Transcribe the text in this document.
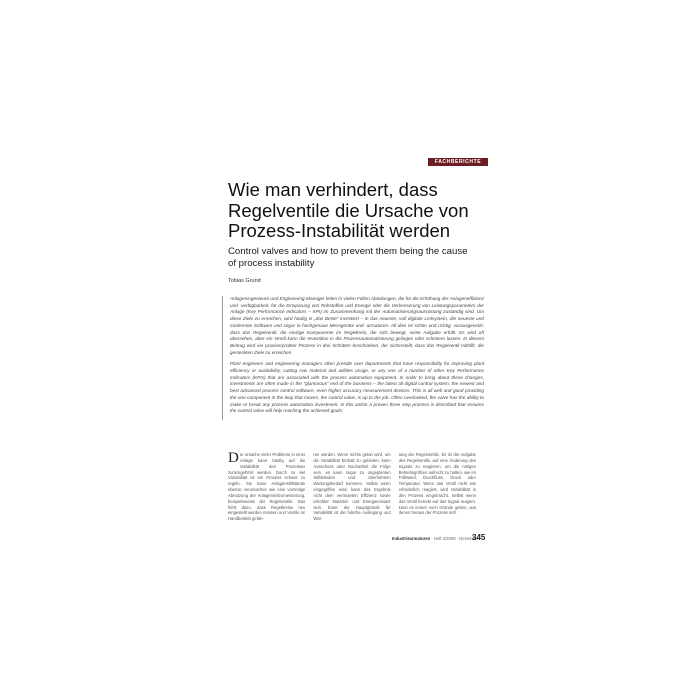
FACHBERICHTE
Wie man verhindert, dass
Regelventile die Ursache von
Prozess-Instabilität werden
Control valves and how to prevent them being the cause
of process instability
Tobias Grund

Anlageningenieure und Engineering-Manager leiten in vielen Fällen Abteilungen, die für die Erhöhung der Anlageneffizienz und -verfügbarkeit, für die Einsparung von Rohstoffen und Energie oder die Verbesserung von Leistungsparametern der Anlage (Key Performance Indicators – KPI) im Zusammenhang mit der Automatisierungsausrüstung zuständig sind. Um diese Ziele zu erreichen, wird häufig in „das Beste“ investiert – in das neueste, voll digitale Leitsystem, die neueste und modernste Software und sogar in hochgenaue Messgeräte und -armaturen. All dies ist schön und richtig, vorausgesetzt, dass das Regelventil, die einzige Komponente im Regelkreis, die sich bewegt, seine Aufgabe erfüllt. Es wird oft übersehen, aber ein Ventil kann die Investition in die Prozessautomatisierung gelingen oder scheitern lassen. In diesem Beitrag wird ein praxiserprobter Prozess in drei Schritten beschrieben, der sicherstellt, dass das Regelventil mithilft, die gesteckten Ziele zu erreichen.

Plant engineers and engineering managers often preside over departments that have responsibility for improving plant efficiency or availability, cutting raw material and utilities usage, or any one of a number of other Key Performance Indicators (KPIs) that are associated with the process automation equipment. In order to bring about these changes, investments are often made in the “glamorous” end of the business – the latest all digital control system, the newest and best advanced process control software, even higher accuracy measurement devices. This is all well and good providing the one component in the loop that moves, the control valve, is up to the job. Often overlooked, the valve has the ability to make or break any process automation investment. In this article a proven three step process is described that ensures the control valve will help reaching the achieved goals.

Die Ursache vieler Probleme in einer Anlage kann häufig auf die Variabilität des Prozesses zurückgeführt werden. Durch zu viel Variabilität ist ein Prozess schwer zu regeln. Sie kann Anlagenstillstände ebenso verursachen wie eine vorzeitige Abnutzung der Anlageninstrumentierung, beispielsweise der Regelventile. Das führt dazu, dass Regelkreise neu eingestellt werden müssen und Ventile im Handbetrieb gefah-

ren werden. Wenn nichts getan wird, um die Variabilität Einhalt zu gebieten, kann Ausschuss oder Nacharbeit die Folge sein, es kann sogar zu ungeplanten Stillständen und überhöhtem Wartungsbedarf kommen. Selbst wenn eingegriffen wird, kann das Ergebnis nicht dem vermuteten Effizienz sowie erhöhter Material- und Energieeinsatz sein. Einer der Hauptgründe für Variabilität ist die falsche Auslegung und Wär-

tung der Regelventile. Es ist die Aufgabe des Regelventils, auf eine Änderung des Signals zu reagieren, um die nötigen Betriebsgrößen aufrecht zu halten, wie im Füllstand, Durchfluss, Druck oder Temperatur. Wenn das Ventil nicht wie erforderlich reagiert, wird Variabilität in den Prozess eingebracht. Selbst wenn das Ventil korrekt auf das Signal reagiert, kann es immer noch Gründe geben, aus denen heraus der Prozess sich

Industriearmaturen · Heft 4/2009 · Dezember
345
